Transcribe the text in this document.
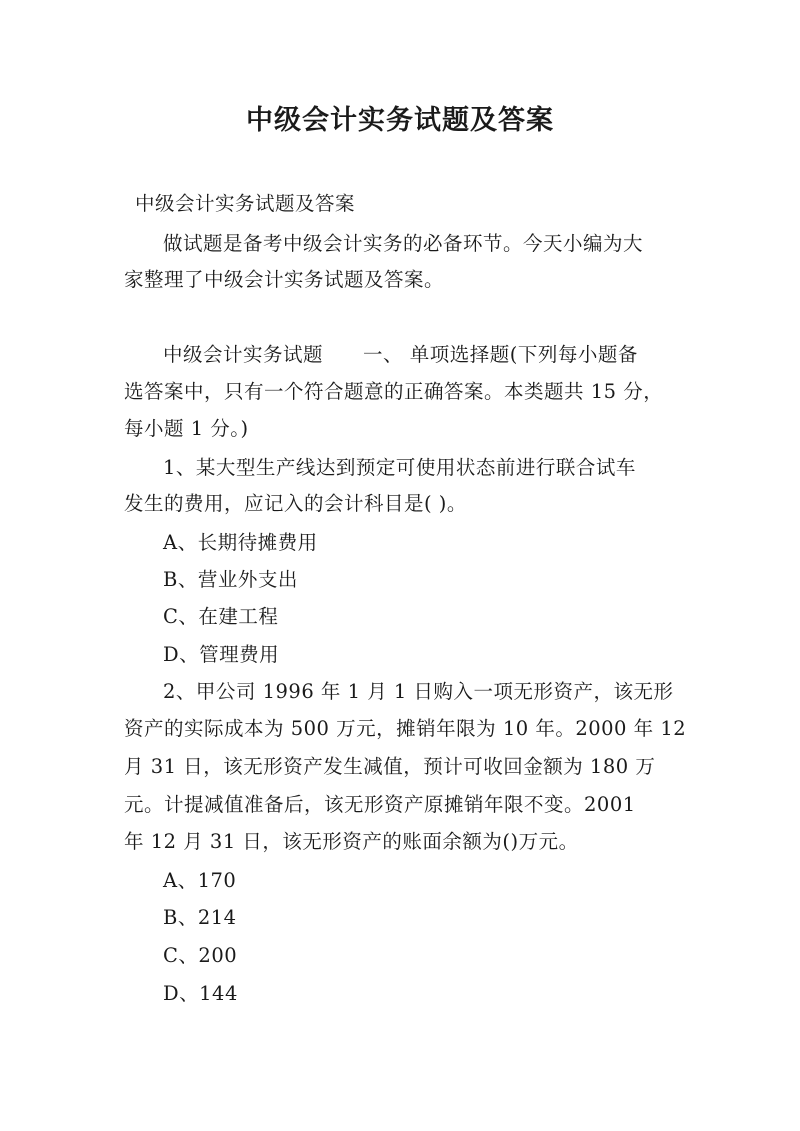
中级会计实务试题及答案
中级会计实务试题及答案
做试题是备考中级会计实务的必备环节。今天小编为大
家整理了中级会计实务试题及答案。
中级会计实务试题 一、 单项选择题(下列每小题备
选答案中，只有一个符合题意的正确答案。本类题共 15 分，
每小题 1 分。)
1、某大型生产线达到预定可使用状态前进行联合试车
发生的费用，应记入的会计科目是( )。
A、长期待摊费用
B、营业外支出
C、在建工程
D、管理费用
2、甲公司 1996 年 1 月 1 日购入一项无形资产，该无形
资产的实际成本为 500 万元，摊销年限为 10 年。2000 年 12
月 31 日，该无形资产发生减值，预计可收回金额为 180 万
元。计提减值准备后，该无形资产原摊销年限不变。2001
年 12 月 31 日，该无形资产的账面余额为()万元。
A、170
B、214
C、200
D、144
